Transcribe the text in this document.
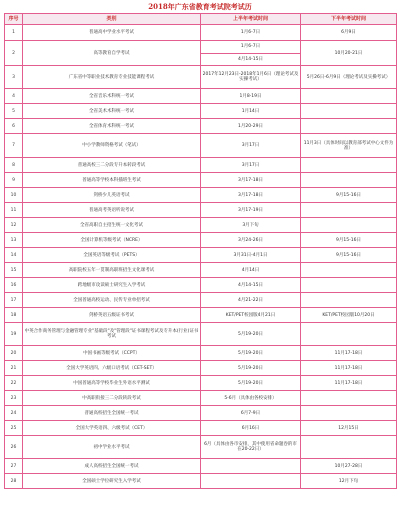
2018年广东省教育考试院考试历
序号	类别	上半年考试时间	下半年考试时间
1	普通高中学业水平考试	1月6-7日	6月9日
2	高等教育自学考试	1月6-7日
4月14-15日	10月20-21日
3	广东省中等职业技术教育专业技能课程考试	2017年12月23日-2018年1月6日（理论考试及实操考试）	5月26日-6月9日（理论考试及实操考试）
4	全省音乐术科统一考试	1月8-19日	
5	全省美术术科统一考试	1月14日	
6	全省体育术科统一考试	1月20-29日	
7	中小学教师资格考试（笔试）	3月17日	11月3日（具体时间以教育部考试中心文件为准）
8	普通高校三二分段专升本转段考试	3月17日	
9	普通高等学校本科插班生考试	3月17-18日	
10	剑桥少儿英语考试	3月17-18日	9月15-16日
11	普通高考英语听说考试	3月17-19日	
12	全省高职自主招生统一文化考试	3月下旬	
13	全国计算机等级考试（NCRE）	3月24-26日	9月15-16日
14	全国英语等级考试（PETS）	3月31日-4月1日	9月15-16日
15	高职院校五年一贯制高职班招生文化课考试	4月14日	
16	跨地级市攻读硕士研究生入学考试	4月14-15日	
17	全国普通高校运动、民传专业单招考试	4月21-22日	
18	剑桥英语五级证书考试	KET/PET校园版4月21日	KET/PET校园版10月20日
19	中英合作商务管理与金融管理专业"基础段"及"管理段"证书课程考试及专升本(行业)证书考试	5月19-20日	
20	中国书画等级考试（CCPT）	5月19-20日	11月17-18日
21	全国大学英语四、六级口语考试（CET-SET）	5月19-20日	11月17-18日
22	中国普通高等学校毕业生外语水平测试	5月19-20日	11月17-18日
23	中高职衔接三二分段转段考试	5-6月（具体由各校安排）	
24	普通高校招生全国统一考试	6月7-9日	
25	全国大学英语四、六级考试（CET）	6月16日	12月15日
26	初中学业水平考试	6月（具体由各市安排，其中使用省命题卷的市在20-22日）	
27	成人高校招生全国统一考试		10月27-28日
28	全国硕士学位研究生入学考试		12月下旬
